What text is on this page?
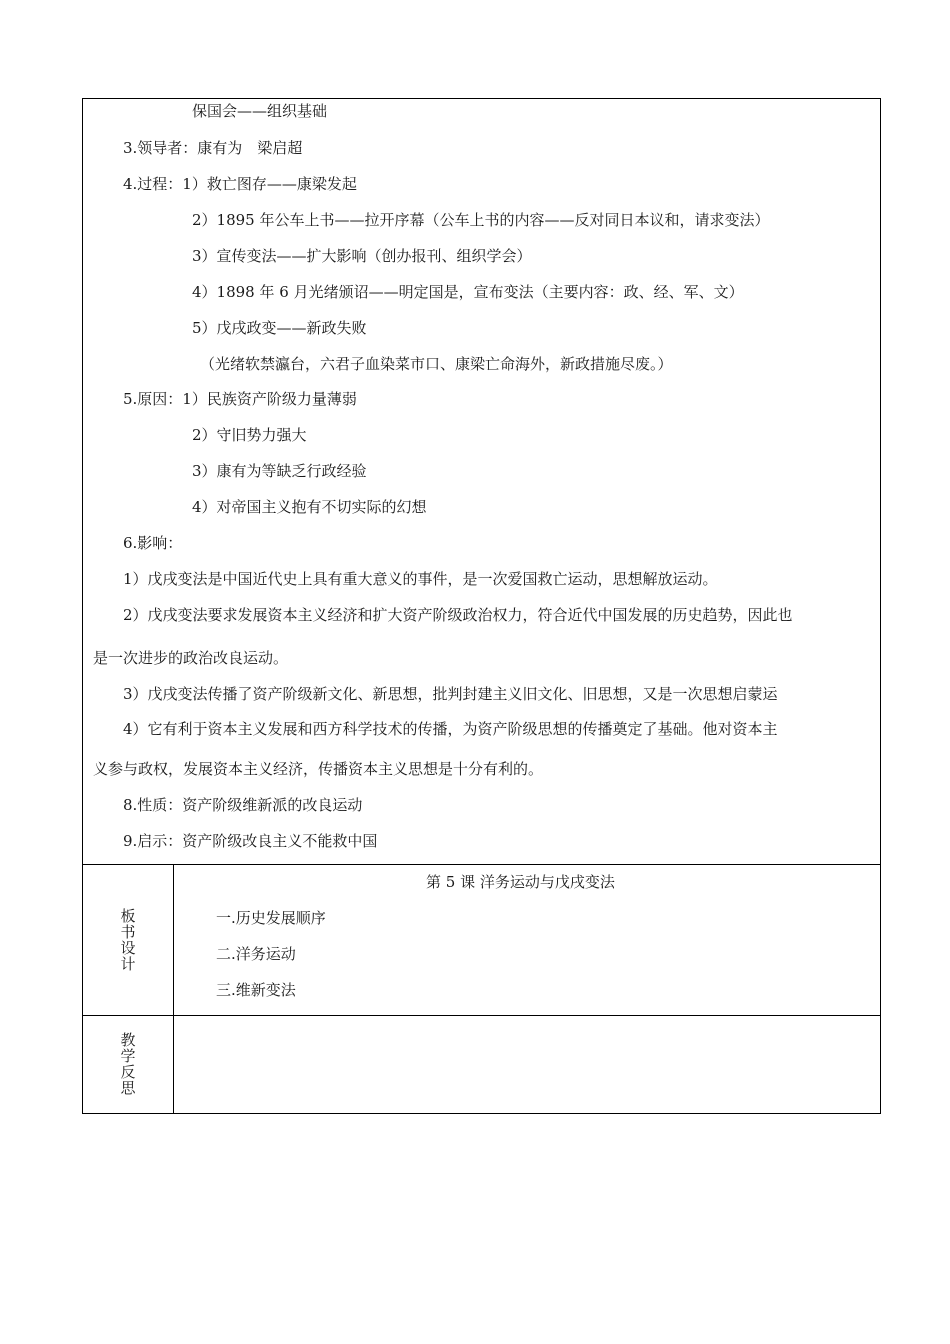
保国会——组织基础
3.领导者：康有为　梁启超
4.过程：1）救亡图存——康梁发起
2）1895 年公车上书——拉开序幕（公车上书的内容——反对同日本议和，请求变法）
3）宣传变法——扩大影响（创办报刊、组织学会）
4）1898 年 6 月光绪颁诏——明定国是，宣布变法（主要内容：政、经、军、文）
5）戊戌政变——新政失败
（光绪软禁瀛台，六君子血染菜市口、康梁亡命海外，新政措施尽废。）
5.原因：1）民族资产阶级力量薄弱
2）守旧势力强大
3）康有为等缺乏行政经验
4）对帝国主义抱有不切实际的幻想
6.影响：
1）戊戌变法是中国近代史上具有重大意义的事件，是一次爱国救亡运动，思想解放运动。
2）戊戌变法要求发展资本主义经济和扩大资产阶级政治权力，符合近代中国发展的历史趋势，因此也
是一次进步的政治改良运动。
3）戊戌变法传播了资产阶级新文化、新思想，批判封建主义旧文化、旧思想，又是一次思想启蒙运
4）它有利于资本主义发展和西方科学技术的传播，为资产阶级思想的传播奠定了基础。他对资本主
义参与政权，发展资本主义经济，传播资本主义思想是十分有利的。
8.性质：资产阶级维新派的改良运动
9.启示：资产阶级改良主义不能救中国
板
书
设
计
第 5 课 洋务运动与戊戌变法
一.历史发展顺序
二.洋务运动
三.维新变法
教
学
反
思
